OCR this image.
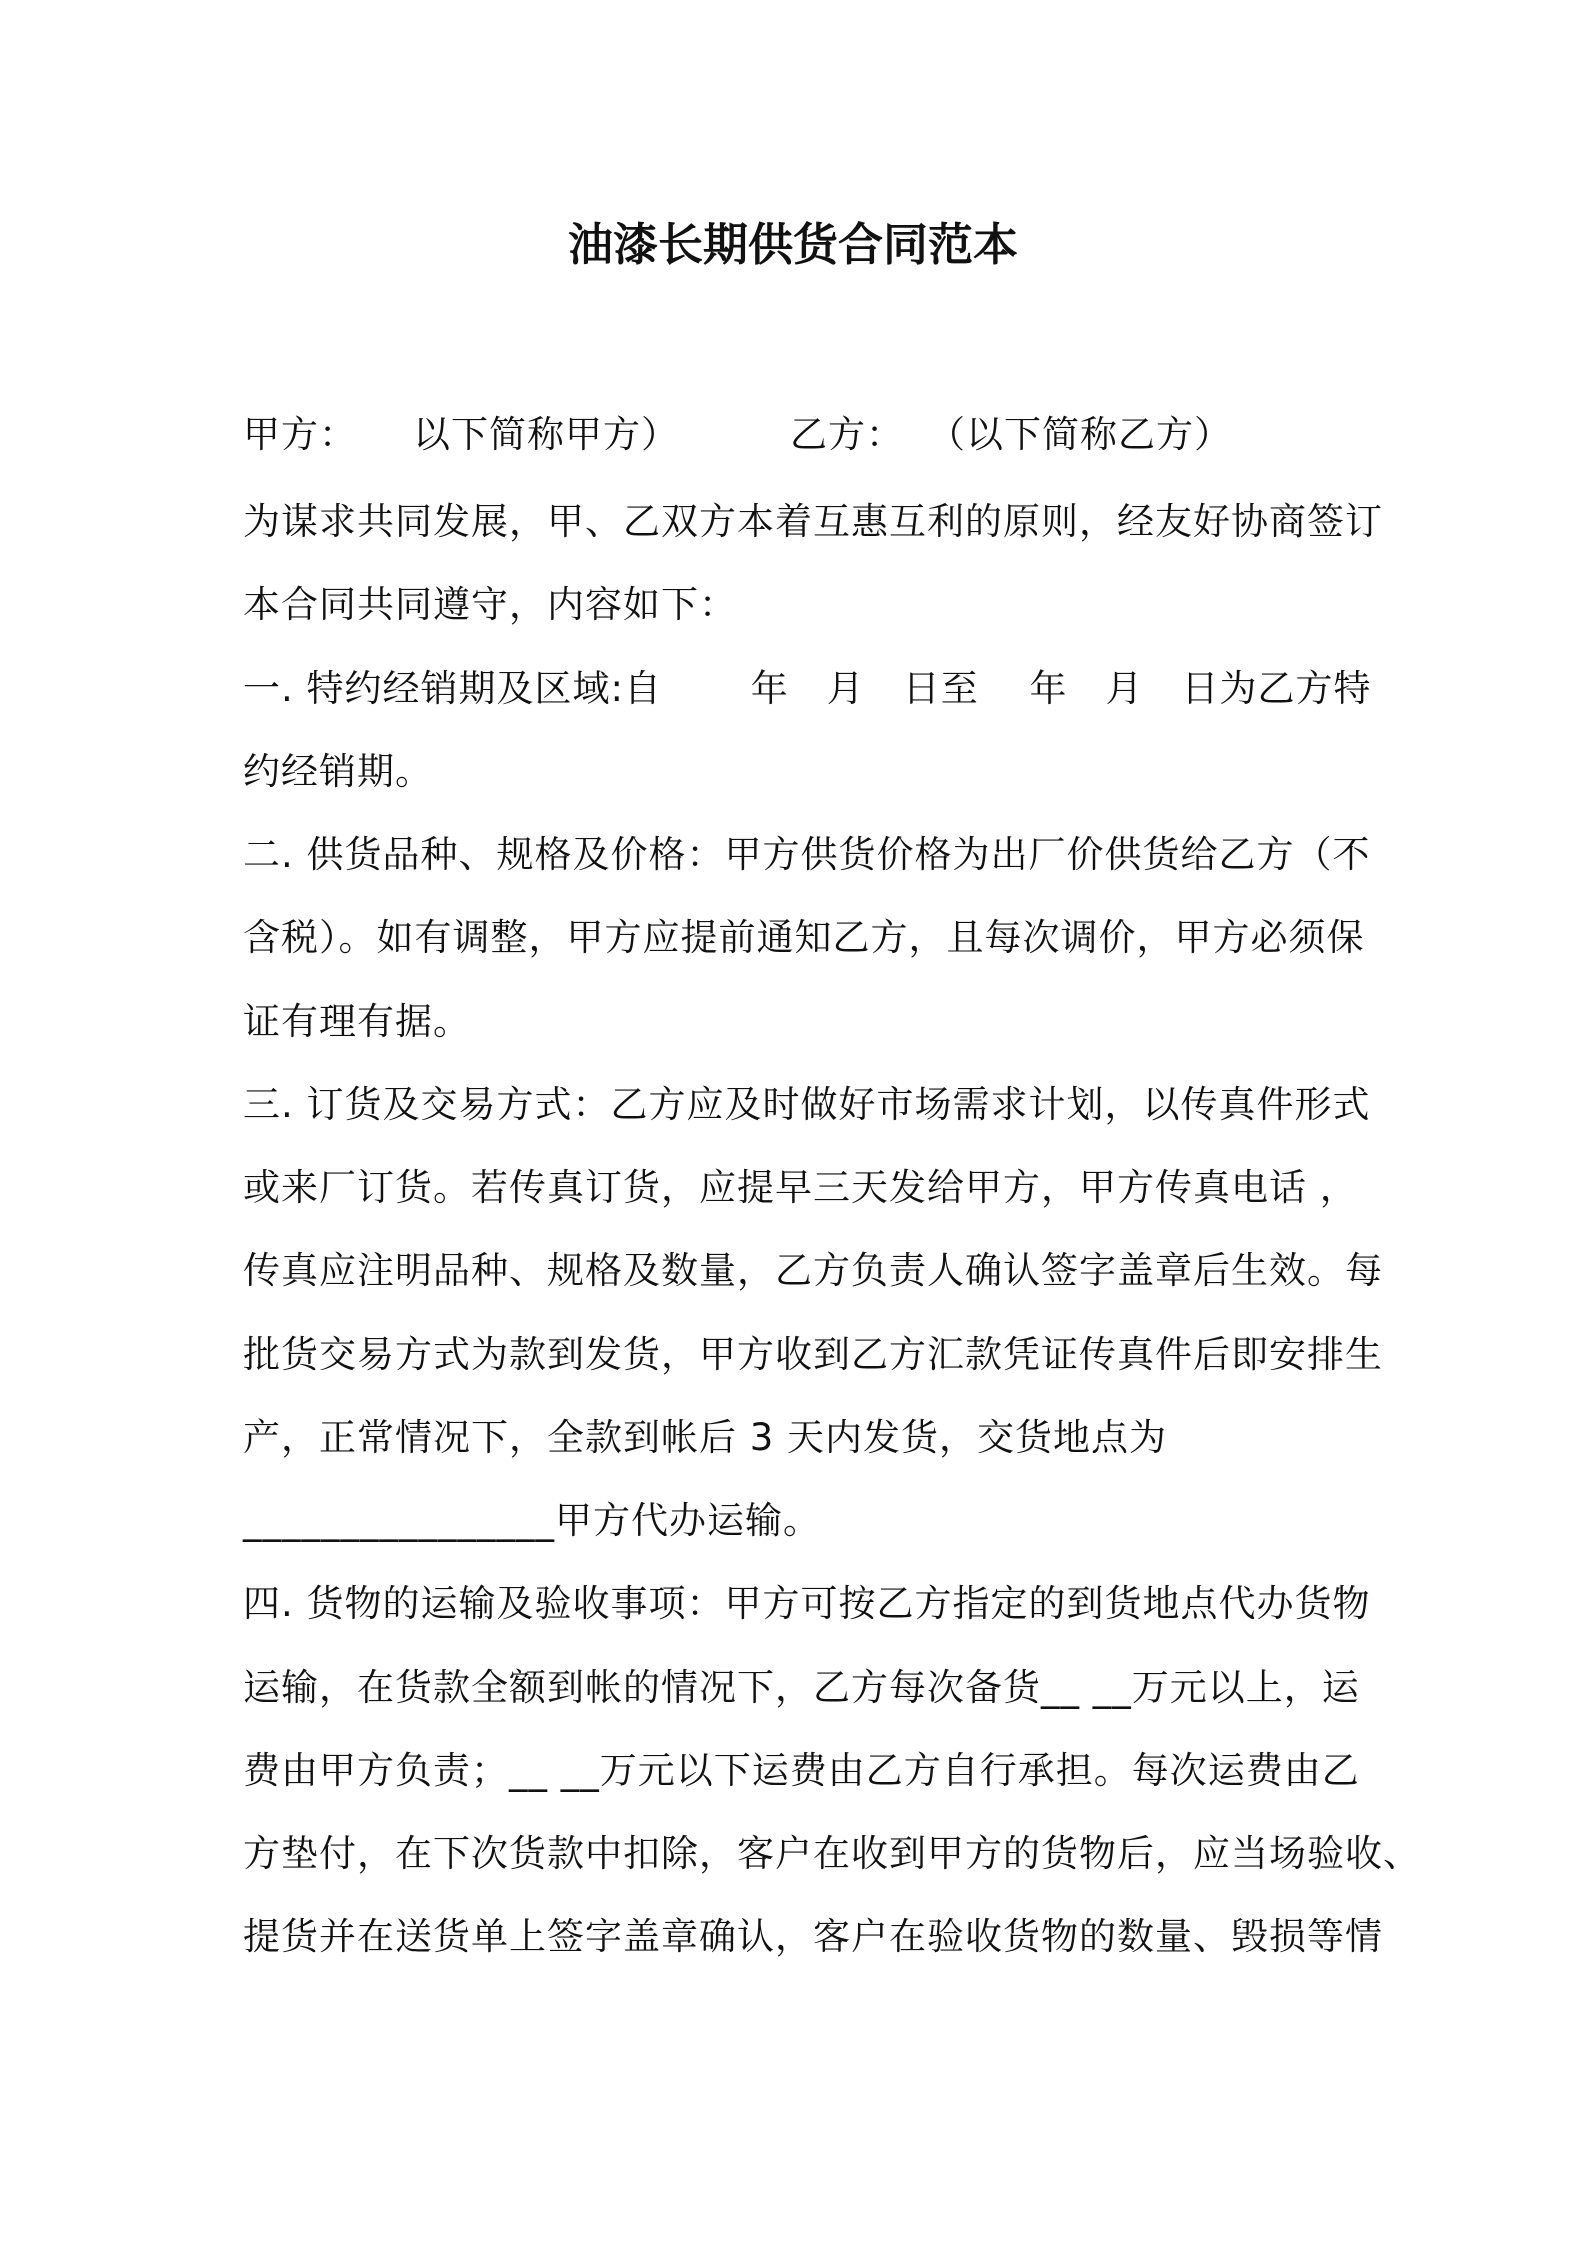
油漆长期供货合同范本
甲方： 以下简称甲方）	乙方： （以下简称乙方）
为谋求共同发展，甲、乙双方本着互惠互利的原则，经友好协商签订
本合同共同遵守，内容如下：
一. 特约经销期及区域:自　　 年　月　日至　 年　月　日为乙方特
约经销期。
二. 供货品种、规格及价格：甲方供货价格为出厂价供货给乙方（不
含税）。如有调整，甲方应提前通知乙方，且每次调价，甲方必须保
证有理有据。
三. 订货及交易方式：乙方应及时做好市场需求计划，以传真件形式
或来厂订货。若传真订货，应提早三天发给甲方，甲方传真电话 ，
传真应注明品种、规格及数量，乙方负责人确认签字盖章后生效。每
批货交易方式为款到发货，甲方收到乙方汇款凭证传真件后即安排生
产，正常情况下，全款到帐后 3 天内发货，交货地点为
________________甲方代办运输。
四. 货物的运输及验收事项：甲方可按乙方指定的到货地点代办货物
运输，在货款全额到帐的情况下，乙方每次备货__ __万元以上，运
费由甲方负责；__ __万元以下运费由乙方自行承担。每次运费由乙
方垫付，在下次货款中扣除，客户在收到甲方的货物后，应当场验收、
提货并在送货单上签字盖章确认，客户在验收货物的数量、毁损等情
